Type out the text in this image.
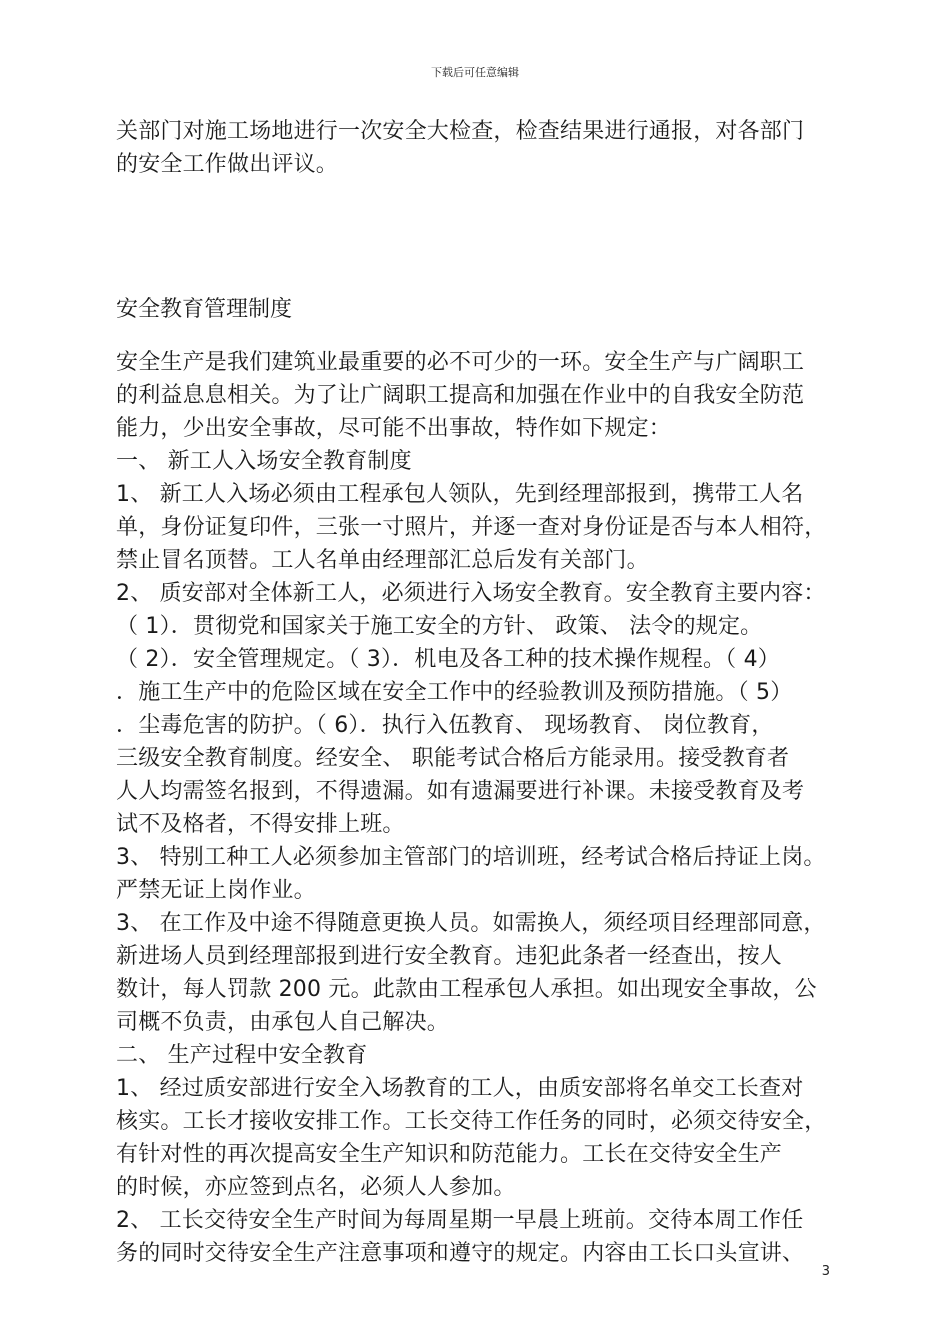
下载后可任意编辑
关部门对施工场地进行一次安全大检查，检查结果进行通报，对各部门
的安全工作做出评议。
安全教育管理制度
安全生产是我们建筑业最重要的必不可少的一环。安全生产与广阔职工
的利益息息相关。为了让广阔职工提高和加强在作业中的自我安全防范
能力，少出安全事故，尽可能不出事故，特作如下规定：
一、 新工人入场安全教育制度
1、 新工人入场必须由工程承包人领队，先到经理部报到，携带工人名
单，身份证复印件，三张一寸照片，并逐一查对身份证是否与本人相符，
禁止冒名顶替。工人名单由经理部汇总后发有关部门。
2、 质安部对全体新工人，必须进行入场安全教育。安全教育主要内容：
（ 1）．贯彻党和国家关于施工安全的方针、 政策、 法令的规定。
（ 2）．安全管理规定。（ 3）．机电及各工种的技术操作规程。（ 4）
．施工生产中的危险区域在安全工作中的经验教训及预防措施。（ 5）
．尘毒危害的防护。（ 6）．执行入伍教育、 现场教育、 岗位教育，
三级安全教育制度。经安全、 职能考试合格后方能录用。接受教育者
人人均需签名报到，不得遗漏。如有遗漏要进行补课。未接受教育及考
试不及格者，不得安排上班。
3、 特别工种工人必须参加主管部门的培训班，经考试合格后持证上岗。
严禁无证上岗作业。
3、 在工作及中途不得随意更换人员。如需换人，须经项目经理部同意，
新进场人员到经理部报到进行安全教育。违犯此条者一经查出，按人
数计，每人罚款 200 元。此款由工程承包人承担。如出现安全事故，公
司概不负责，由承包人自己解决。
二、 生产过程中安全教育
1、 经过质安部进行安全入场教育的工人，由质安部将名单交工长查对
核实。工长才接收安排工作。工长交待工作任务的同时，必须交待安全，
有针对性的再次提高安全生产知识和防范能力。工长在交待安全生产
的时候，亦应签到点名，必须人人参加。
2、 工长交待安全生产时间为每周星期一早晨上班前。交待本周工作任
务的同时交待安全生产注意事项和遵守的规定。内容由工长口头宣讲、
3
